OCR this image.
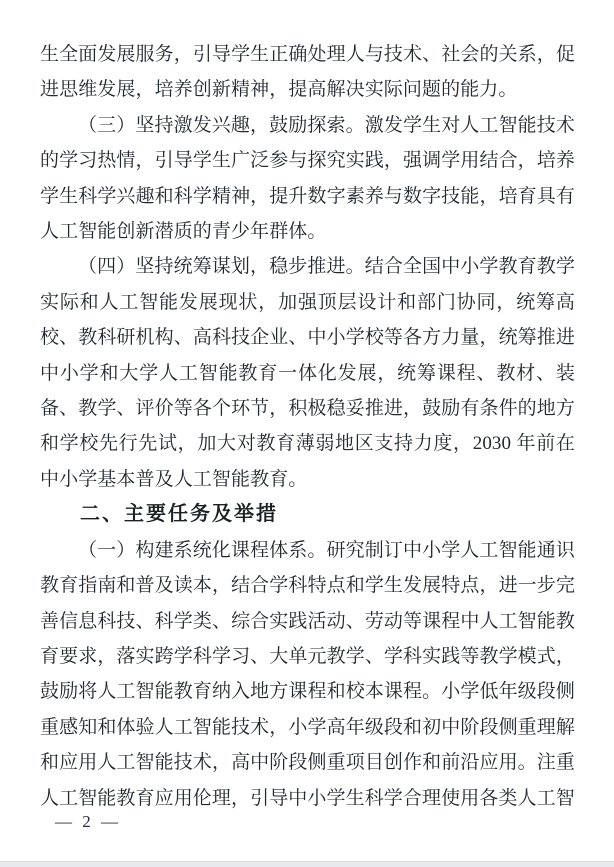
生全面发展服务，引导学生正确处理人与技术、社会的关系，促进思维发展，培养创新精神，提高解决实际问题的能力。

（三）坚持激发兴趣，鼓励探索。激发学生对人工智能技术的学习热情，引导学生广泛参与探究实践，强调学用结合，培养学生科学兴趣和科学精神，提升数字素养与数字技能，培育具有人工智能创新潜质的青少年群体。

（四）坚持统筹谋划，稳步推进。结合全国中小学教育教学实际和人工智能发展现状，加强顶层设计和部门协同，统筹高校、教科研机构、高科技企业、中小学校等各方力量，统筹推进中小学和大学人工智能教育一体化发展，统筹课程、教材、装备、教学、评价等各个环节，积极稳妥推进，鼓励有条件的地方和学校先行先试，加大对教育薄弱地区支持力度，2030 年前在中小学基本普及人工智能教育。

二、主要任务及举措

（一）构建系统化课程体系。研究制订中小学人工智能通识教育指南和普及读本，结合学科特点和学生发展特点，进一步完善信息科技、科学类、综合实践活动、劳动等课程中人工智能教育要求，落实跨学科学习、大单元教学、学科实践等教学模式，鼓励将人工智能教育纳入地方课程和校本课程。小学低年级段侧重感知和体验人工智能技术，小学高年级段和初中阶段侧重理解和应用人工智能技术，高中阶段侧重项目创作和前沿应用。注重人工智能教育应用伦理，引导中小学生科学合理使用各类人工智

— 2 —
